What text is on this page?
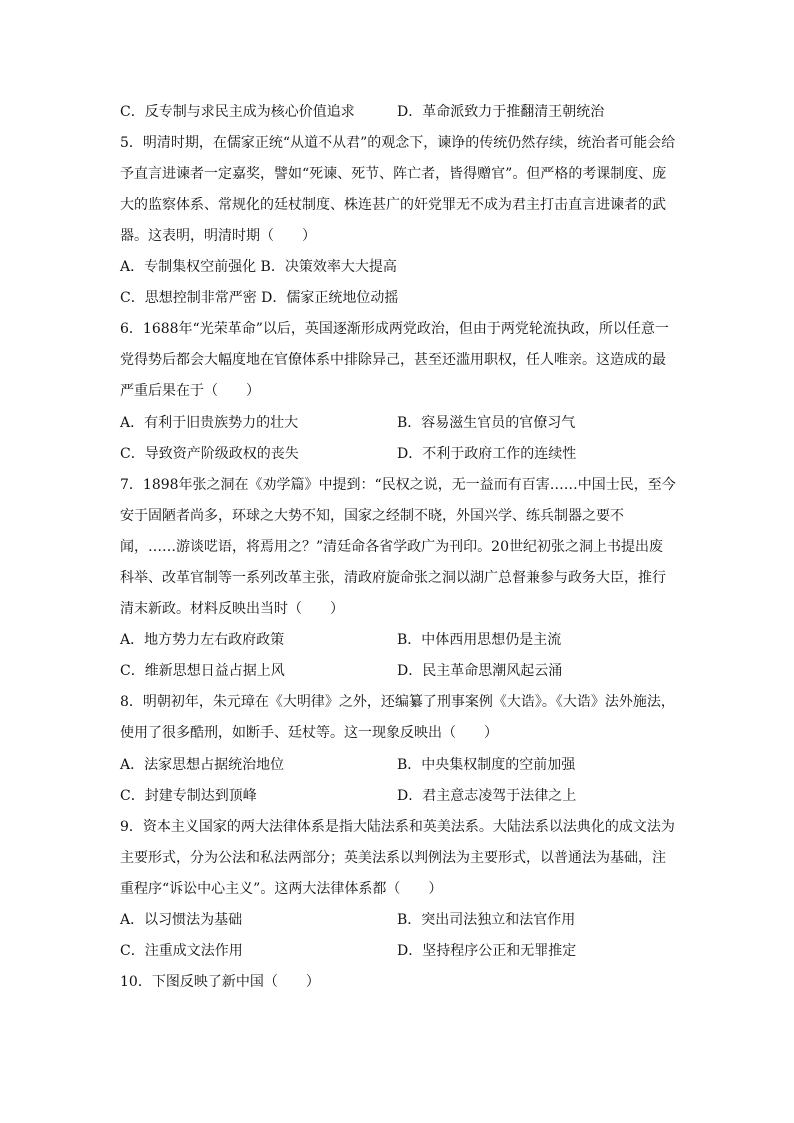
C．反专制与求民主成为核心价值追求	D．革命派致力于推翻清王朝统治
5．明清时期，在儒家正统“从道不从君”的观念下，谏诤的传统仍然存续，统治者可能会给
予直言进谏者一定嘉奖，譬如“死谏、死节、阵亡者，皆得赠官”。但严格的考课制度、庞
大的监察体系、常规化的廷杖制度、株连甚广的奸党罪无不成为君主打击直言进谏者的武
器。这表明，明清时期（　　）
A．专制集权空前强化 B．决策效率大大提高
C．思想控制非常严密 D．儒家正统地位动摇
6．1688年“光荣革命”以后，英国逐渐形成两党政治，但由于两党轮流执政，所以任意一
党得势后都会大幅度地在官僚体系中排除异己，甚至还滥用职权，任人唯亲。这造成的最
严重后果在于（　　）
A．有利于旧贵族势力的壮大	B．容易滋生官员的官僚习气
C．导致资产阶级政权的丧失	D．不利于政府工作的连续性
7．1898年张之洞在《劝学篇》中提到：“民权之说，无一益而有百害……中国士民，至今
安于固陋者尚多，环球之大势不知，国家之经制不晓，外国兴学、练兵制器之要不
闻，……游谈呓语，将焉用之？”清廷命各省学政广为刊印。20世纪初张之洞上书提出废
科举、改革官制等一系列改革主张，清政府旋命张之洞以湖广总督兼参与政务大臣，推行
清末新政。材料反映出当时（　　）
A．地方势力左右政府政策	B．中体西用思想仍是主流
C．维新思想日益占据上风	D．民主革命思潮风起云涌
8．明朝初年，朱元璋在《大明律》之外，还编纂了刑事案例《大诰》。《大诰》法外施法，
使用了很多酷刑，如断手、廷杖等。这一现象反映出（　　）
A．法家思想占据统治地位	B．中央集权制度的空前加强
C．封建专制达到顶峰	D．君主意志凌驾于法律之上
9．资本主义国家的两大法律体系是指大陆法系和英美法系。大陆法系以法典化的成文法为
主要形式，分为公法和私法两部分；英美法系以判例法为主要形式，以普通法为基础，注
重程序“诉讼中心主义”。这两大法律体系都（　　）
A．以习惯法为基础	B．突出司法独立和法官作用
C．注重成文法作用	D．坚持程序公正和无罪推定
10．下图反映了新中国（　　）
